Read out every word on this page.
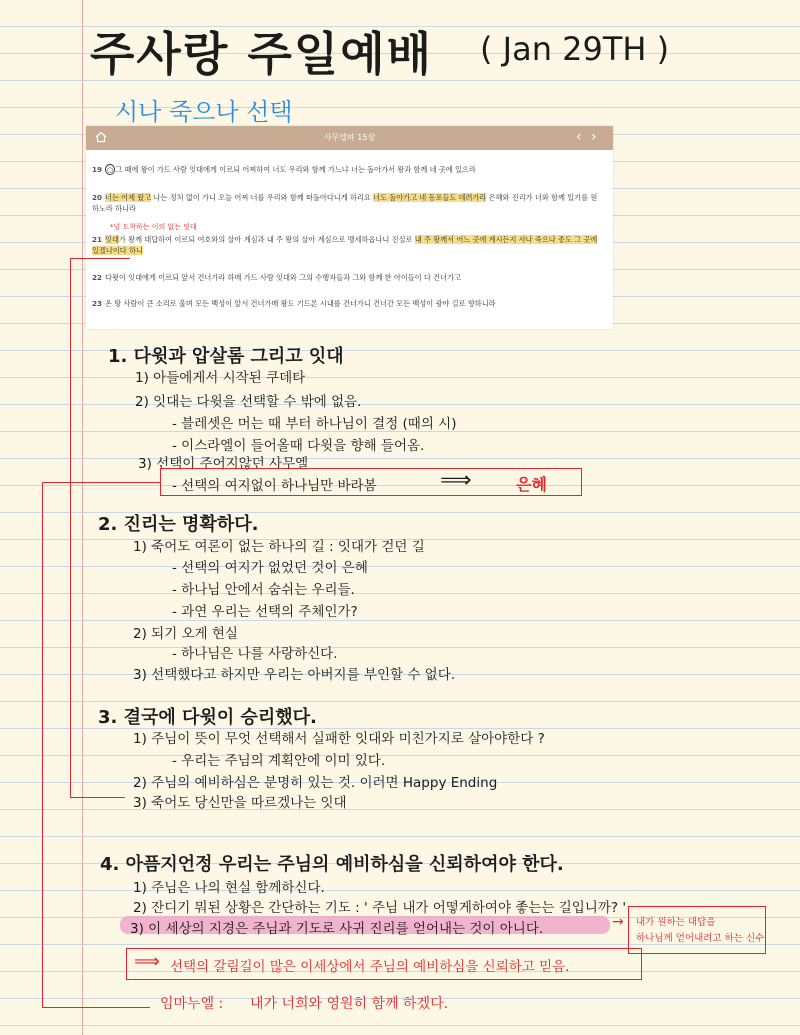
주사랑 주일예배 ( Jan 29TH )
시나 죽으나 선택
사무엘하 15장	‹ ›
19 ○ 그 때에 왕이 가드 사람 잇대에게 이르되 어찌하여 너도 우리와 함께 가느냐 너는 돌아가서 왕과 함께 네 곳에 있으라
20 너는 어제 왔고 나는 정처 없이 가니 오늘 어찌 너를 우리와 함께 떠돌아다니게 하리요 너도 돌아가고 네 동포들도 데려가라 은혜와 진리가 너와 함께 있기를 원하노라 하니라
21 잇대가 왕께 대답하여 이르되 여호와의 살아 계심과 내 주 왕의 살아 계심으로 맹세하옵나니 진실로 내 주 왕께서 어느 곳에 계시든지 사나 죽으나 종도 그 곳에 있겠나이다 하니
22 다윗이 잇대에게 이르되 앞서 건너가라 하매 가드 사람 잇대와 그의 수행자들과 그와 함께 한 아이들이 다 건너가고
23 온 땅 사람이 큰 소리로 울며 모든 백성이 앞서 건너가매 왕도 기드론 시내를 건너가니 건너간 모든 백성이 광야 길로 향하니라
*넘 도착하는 이의 없는 잇대
1. 다윗과 압살롬 그리고 잇대
1) 아들에게서 시작된 쿠데타
2) 잇대는 다윗을 선택할 수 밖에 없음.
- 블레셋은 머는 때 부터 하나님이 결정 (때의 시)
- 이스라엘이 들어올때 다윗을 향해 들어옴.
3) 선택이 주어지않던 사무엘
- 선택의 여지없이 하나님만 바라봄	⟹	은혜
2. 진리는 명확하다.
1) 죽어도 여론이 없는 하나의 길 : 잇대가 걷던 길
- 선택의 여지가 없었던 것이 은혜
- 하나님 안에서 숨쉬는 우리들.
- 과연 우리는 선택의 주체인가?
2) 되기 오게 현실
- 하나님은 나를 사랑하신다.
3) 선택했다고 하지만 우리는 아버지를 부인할 수 없다.
3. 결국에 다윗이 승리했다.
1) 주님이 뜻이 무엇 선택해서 실패한 잇대와 미친가지로 살아야한다 ?
- 우리는 주님의 계획안에 이미 있다.
2) 주님의 예비하심은 분명히 있는 것. 이러면 Happy Ending
3) 죽어도 당신만을 따르겠나는 잇대
4. 아픔지언정 우리는 주님의 예비하심을 신뢰하여야 한다.
1) 주님은 나의 현실 함께하신다.
2) 잔디기 뭐된 상황은 간단하는 기도 : ' 주님 내가 어떻게하여야 좋는는 길입니까? '
3) 이 세상의 지경은 주님과 기도로 사귀 진리를 얻어내는 것이 아니다.	→ 내가 원하는 대답을
하나님께 얻어내려고 하는 신수
⟹ 선택의 갈림길이 많은 이세상에서 주님의 예비하심을 신뢰하고 믿음.
임마누엘 : 내가 너희와 영원히 함께 하겠다.
